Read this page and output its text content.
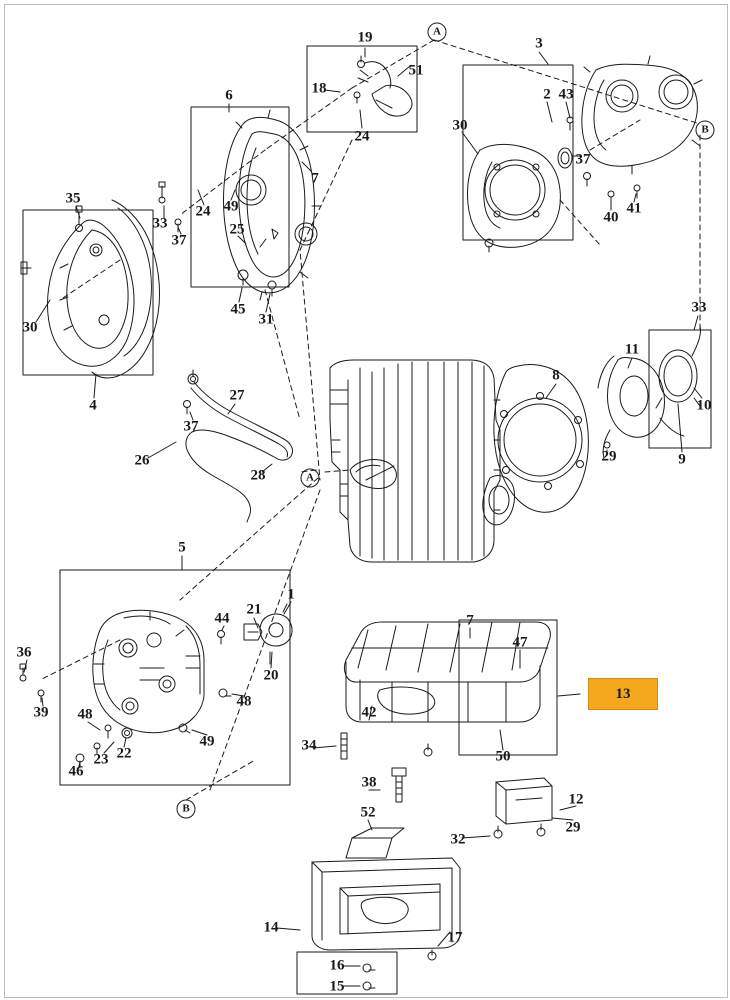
19	A
3
51
18	2 43
6
30	B
24
37
7
35
24 49
33	40
41
37
25
30
45
31
33
11
8
4	10
27
37
29	9
26
28	A
5
1
7
21
44
47
36
20
48
39 48	42
49
22
23
34
50
46
38
B
12
52
32
29
14
17
16
15
13
